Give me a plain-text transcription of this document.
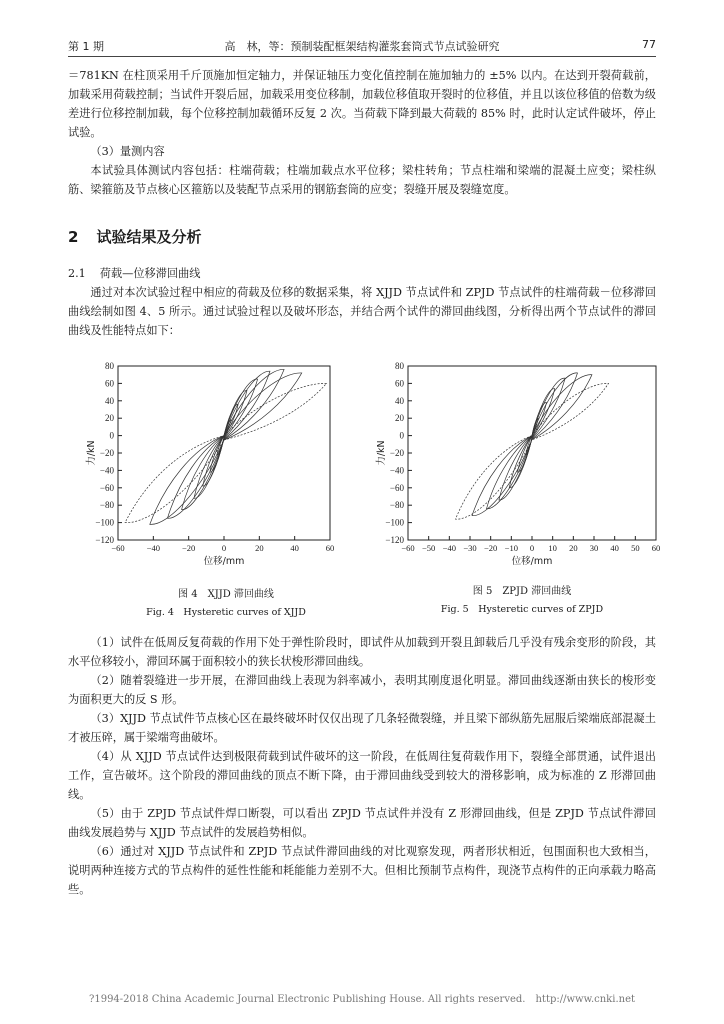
第 1 期	高　林，等：预制装配框架结构灌浆套筒式节点试验研究	77

＝781KN 在柱顶采用千斤顶施加恒定轴力，并保证轴压力变化值控制在施加轴力的 ±5% 以内。在达到开裂荷载前，加载采用荷载控制；当试件开裂后屈，加载采用变位移制，加载位移值取开裂时的位移值，并且以该位移值的倍数为级差进行位移控制加载，每个位移控制加载循环反复 2 次。当荷载下降到最大荷载的 85% 时，此时认定试件破坏，停止试验。

（3）量测内容

本试验具体测试内容包括：柱端荷载；柱端加载点水平位移；梁柱转角；节点柱端和梁端的混凝土应变；梁柱纵筋、梁箍筋及节点核心区箍筋以及装配节点采用的钢筋套筒的应变；裂缝开展及裂缝宽度。

2 试验结果及分析
2.1 荷载—位移滞回曲线

通过对本次试验过程中相应的荷载及位移的数据采集，将 XJJD 节点试件和 ZPJD 节点试件的柱端荷载－位移滞回曲线绘制如图 4、5 所示。通过试验过程以及破坏形态，并结合两个试件的滞回曲线图，分析得出两个节点试件的滞回曲线及性能特点如下：

80
60
40
20
0
−20
−40
−60
−80
−100
−120
−60	−40	−20	0	20	40	60
位移/mm
力/kN
图 4　XJJD 滞回曲线
Fig. 4　Hysteretic curves of XJJD
80
60
40
20
0
−20
−40
−60
−80
−100
−120
−60 −50 −40 −30 −20 −10 0 10 20 30 40 50 60
位移/mm
力/kN
图 5　ZPJD 滞回曲线
Fig. 5　Hysteretic curves of ZPJD

（1）试件在低周反复荷载的作用下处于弹性阶段时，即试件从加载到开裂且卸载后几乎没有残余变形的阶段，其水平位移较小，滞回环属于面积较小的狭长状梭形滞回曲线。

（2）随着裂缝进一步开展，在滞回曲线上表现为斜率减小，表明其刚度退化明显。滞回曲线逐渐由狭长的梭形变为面积更大的反 S 形。

（3）XJJD 节点试件节点核心区在最终破坏时仅仅出现了几条轻微裂缝，并且梁下部纵筋先屈服后梁端底部混凝土才被压碎，属于梁端弯曲破坏。

（4）从 XJJD 节点试件达到极限荷载到试件破坏的这一阶段，在低周往复荷载作用下，裂缝全部贯通，试件退出工作，宣告破坏。这个阶段的滞回曲线的顶点不断下降，由于滞回曲线受到较大的滑移影响，成为标准的 Z 形滞回曲线。

（5）由于 ZPJD 节点试件焊口断裂，可以看出 ZPJD 节点试件并没有 Z 形滞回曲线，但是 ZPJD 节点试件滞回曲线发展趋势与 XJJD 节点试件的发展趋势相似。

（6）通过对 XJJD 节点试件和 ZPJD 节点试件滞回曲线的对比观察发现，两者形状相近，包围面积也大致相当，说明两种连接方式的节点构件的延性性能和耗能能力差别不大。但相比预制节点构件，现浇节点构件的正向承载力略高些。

?1994-2018 China Academic Journal Electronic Publishing House. All rights reserved.　http://www.cnki.net
